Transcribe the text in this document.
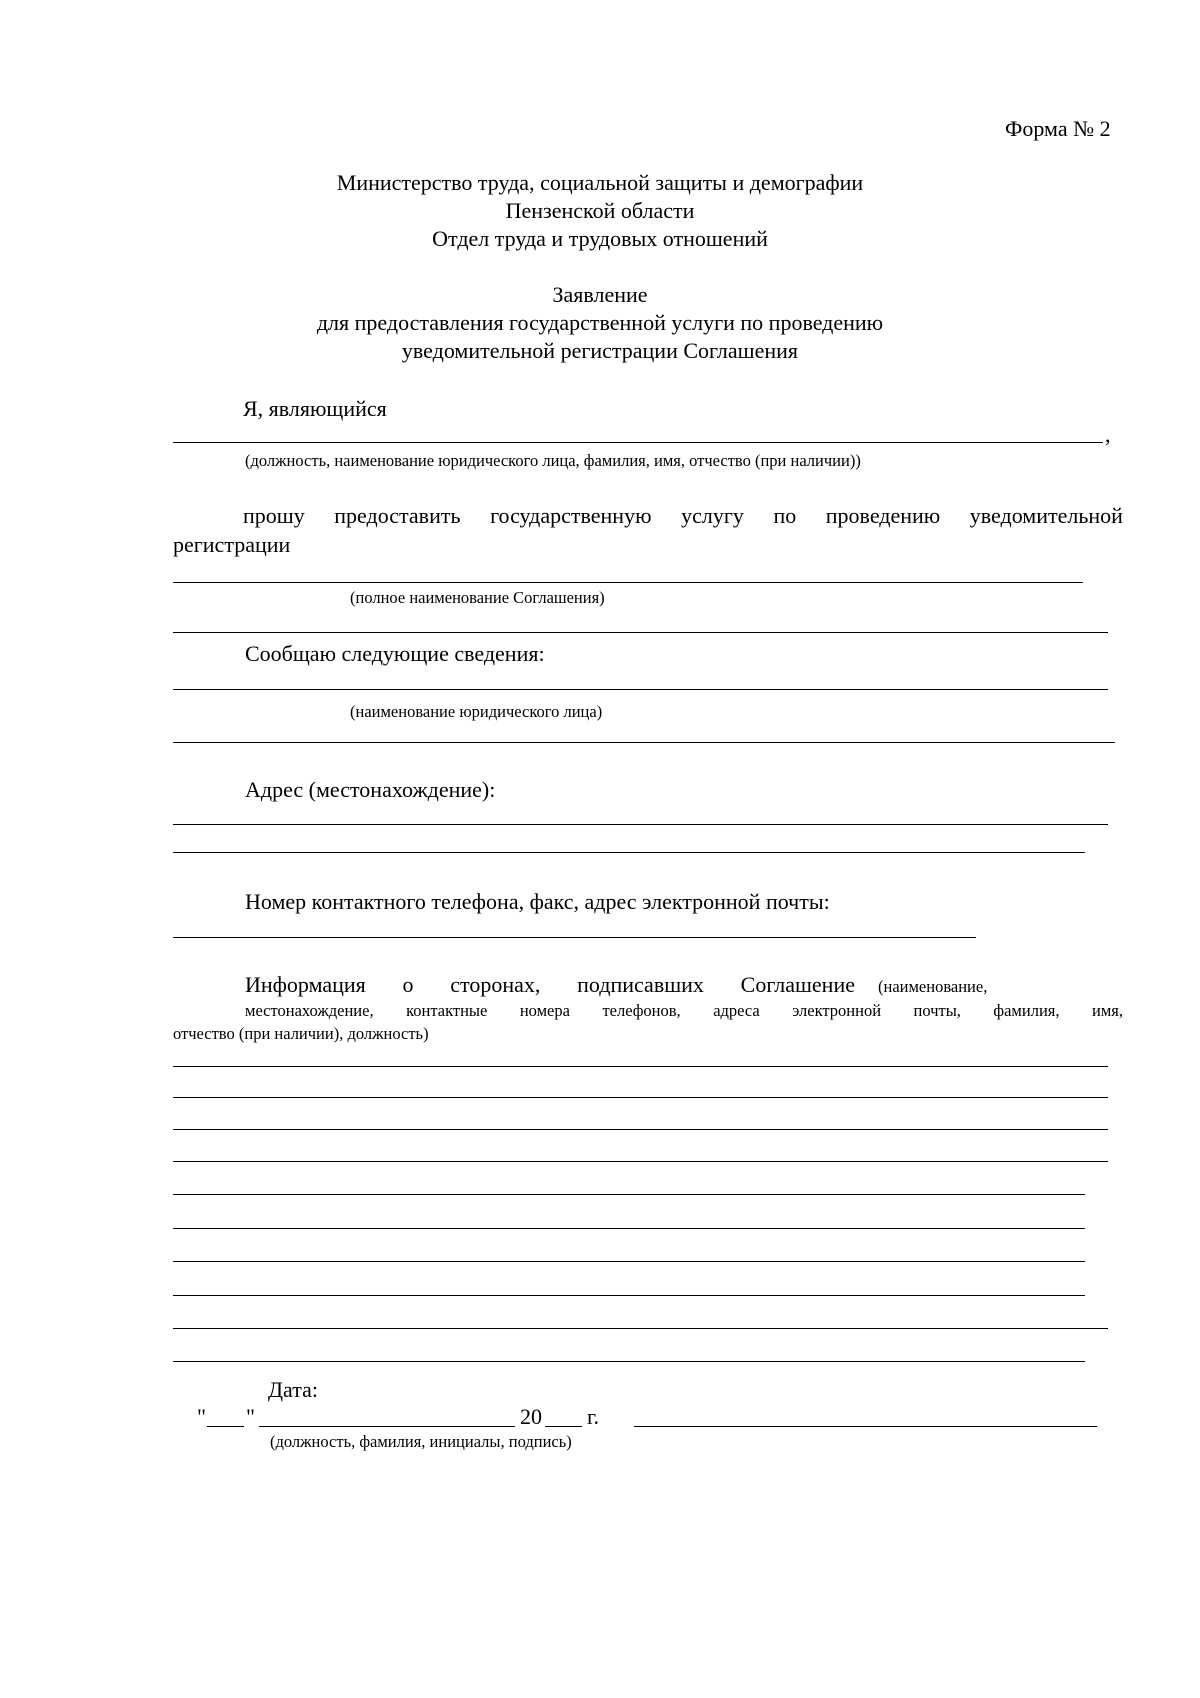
Форма № 2
Министерство труда, социальной защиты и демографии
Пензенской области
Отдел труда и трудовых отношений
Заявление
для предоставления государственной услуги по проведению
уведомительной регистрации Соглашения
Я, являющийся
,
(должность, наименование юридического лица, фамилия, имя, отчество (при наличии))
прошу предоставить государственную услугу по проведению уведомительной
регистрации
(полное наименование Соглашения)
Сообщаю следующие сведения:
(наименование юридического лица)
Адрес (местонахождение):
Номер контактного телефона, факс, адрес электронной почты:
Информация о сторонах, подписавших Соглашение (наименование,
местонахождение, контактные номера телефонов, адреса электронной почты, фамилия, имя,
отчество (при наличии), должность)
Дата:
" "	20 г.
(должность, фамилия, инициалы, подпись)
